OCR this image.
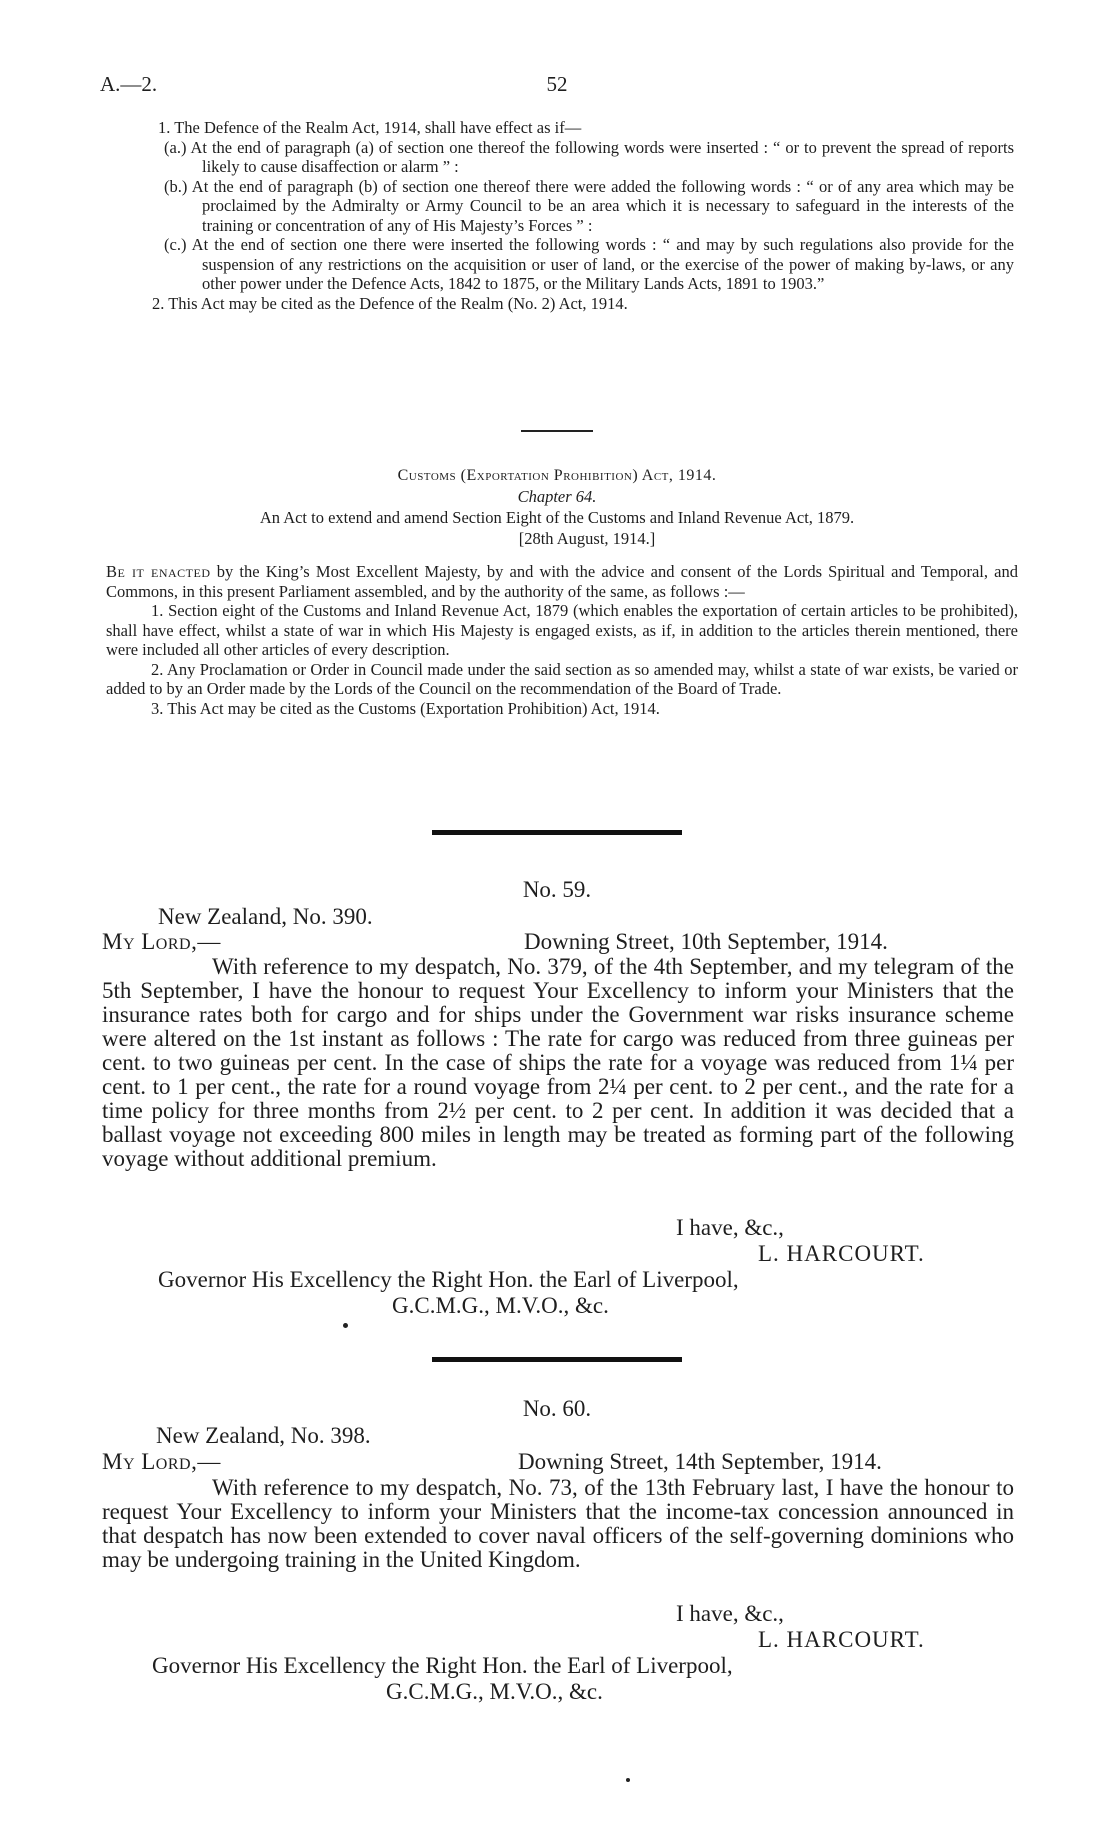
A.—2.	52

1. The Defence of the Realm Act, 1914, shall have effect as if—

(a.) At the end of paragraph (a) of section one thereof the following words were inserted : “ or to prevent the spread of reports likely to cause disaffection or alarm ” :

(b.) At the end of paragraph (b) of section one thereof there were added the following words : “ or of any area which may be proclaimed by the Admiralty or Army Council to be an area which it is necessary to safeguard in the interests of the training or concentration of any of His Majesty’s Forces ” :

(c.) At the end of section one there were inserted the following words : “ and may by such regulations also provide for the suspension of any restrictions on the acquisition or user of land, or the exercise of the power of making by-laws, or any other power under the Defence Acts, 1842 to 1875, or the Military Lands Acts, 1891 to 1903.”

2. This Act may be cited as the Defence of the Realm (No. 2) Act, 1914.

Customs (Exportation Prohibition) Act, 1914.
Chapter 64.
An Act to extend and amend Section Eight of the Customs and Inland Revenue Act, 1879.
[28th August, 1914.]

Be it enacted by the King’s Most Excellent Majesty, by and with the advice and consent of the Lords Spiritual and Temporal, and Commons, in this present Parliament assembled, and by the authority of the same, as follows :—

1. Section eight of the Customs and Inland Revenue Act, 1879 (which enables the exportation of certain articles to be prohibited), shall have effect, whilst a state of war in which His Majesty is engaged exists, as if, in addition to the articles therein mentioned, there were included all other articles of every description.

2. Any Proclamation or Order in Council made under the said section as so amended may, whilst a state of war exists, be varied or added to by an Order made by the Lords of the Council on the recommendation of the Board of Trade.

3. This Act may be cited as the Customs (Exportation Prohibition) Act, 1914.

No. 59.
New Zealand, No. 390.
My Lord,—	Downing Street, 10th September, 1914.

With reference to my despatch, No. 379, of the 4th September, and my telegram of the 5th September, I have the honour to request Your Excellency to inform your Ministers that the insurance rates both for cargo and for ships under the Government war risks insurance scheme were altered on the 1st instant as follows : The rate for cargo was reduced from three guineas per cent. to two guineas per cent. In the case of ships the rate for a voyage was reduced from 1¼ per cent. to 1 per cent., the rate for a round voyage from 2¼ per cent. to 2 per cent., and the rate for a time policy for three months from 2½ per cent. to 2 per cent. In addition it was decided that a ballast voyage not exceeding 800 miles in length may be treated as forming part of the following voyage without additional premium.

I have, &c.,
L. HARCOURT.
Governor His Excellency the Right Hon. the Earl of Liverpool,
G.C.M.G., M.V.O., &c.
No. 60.
New Zealand, No. 398.
My Lord,—	Downing Street, 14th September, 1914.

With reference to my despatch, No. 73, of the 13th February last, I have the honour to request Your Excellency to inform your Ministers that the income-tax concession announced in that despatch has now been extended to cover naval officers of the self-governing dominions who may be undergoing training in the United Kingdom.

I have, &c.,
L. HARCOURT.
Governor His Excellency the Right Hon. the Earl of Liverpool,
G.C.M.G., M.V.O., &c.
